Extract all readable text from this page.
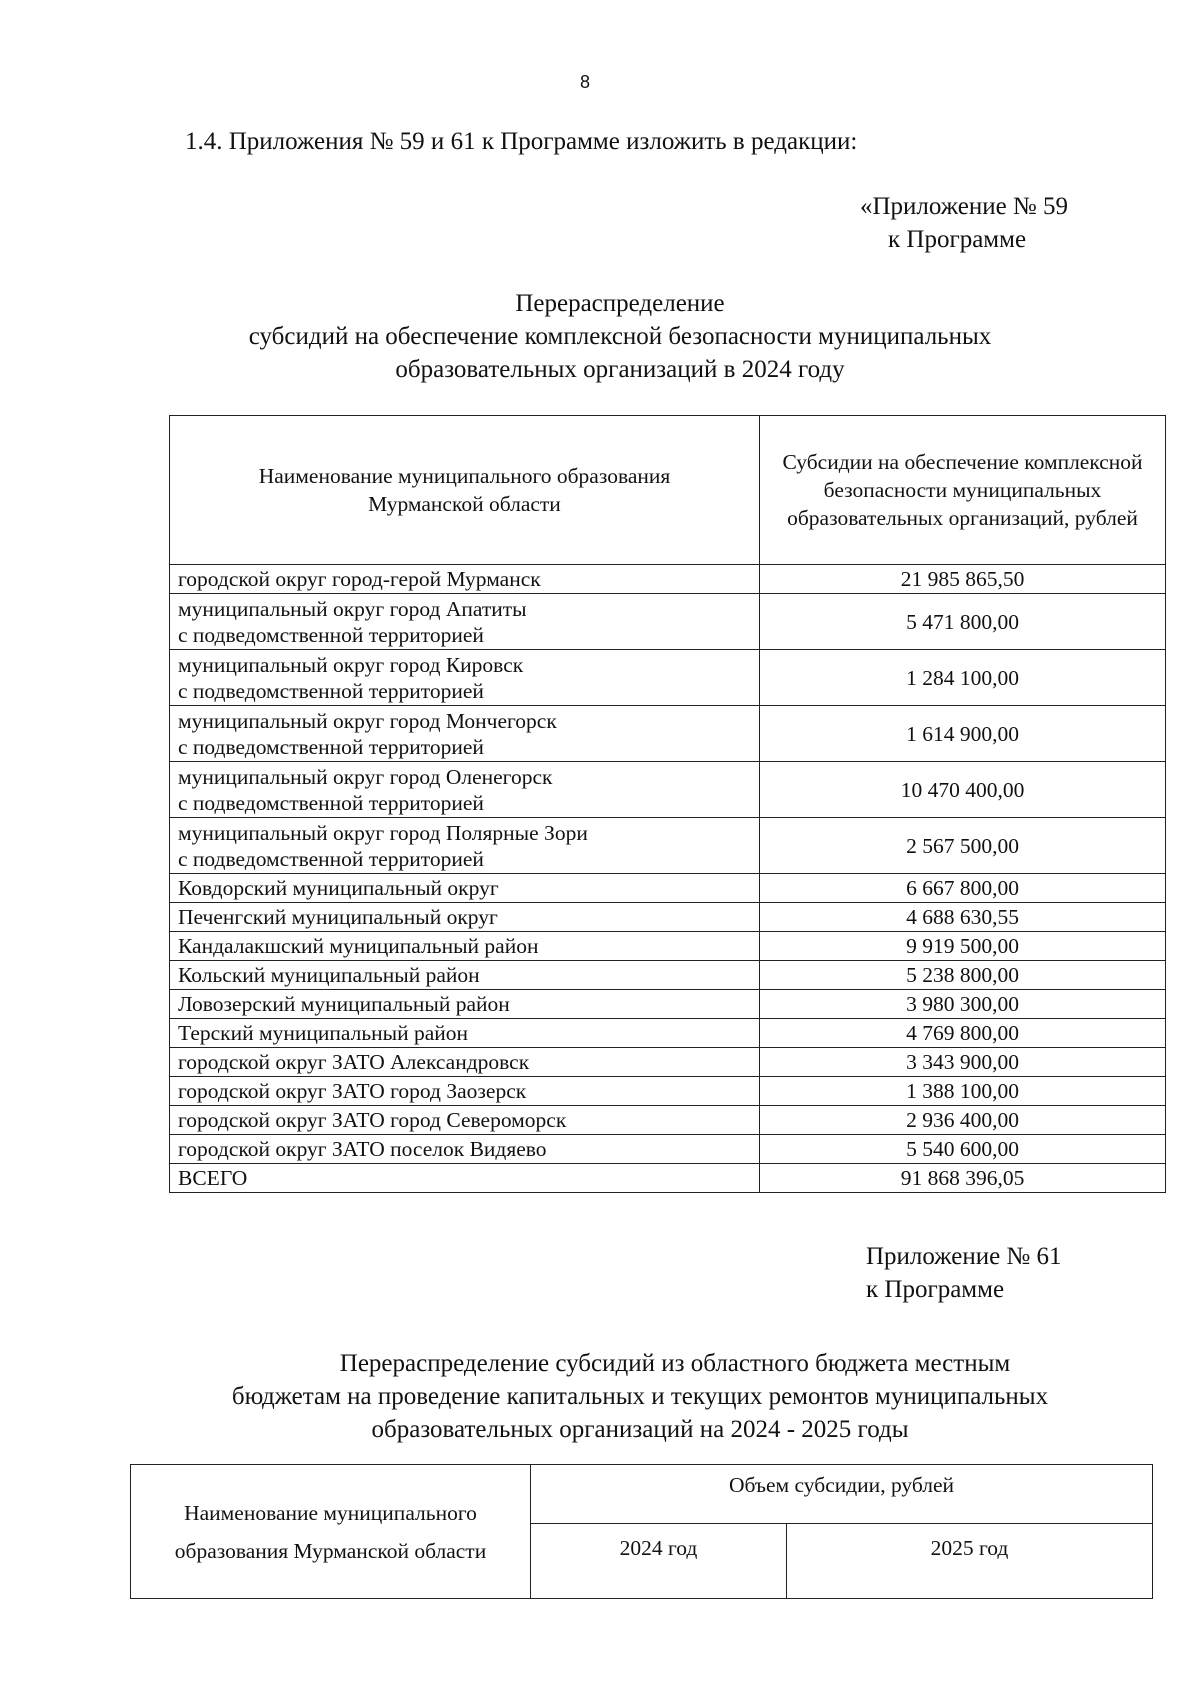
8
1.4. Приложения № 59 и 61 к Программе изложить в редакции:
«Приложение № 59
к Программе
Перераспределение
субсидий на обеспечение комплексной безопасности муниципальных
образовательных организаций в 2024 году
Наименование муниципального образования Мурманской области	Субсидии на обеспечение комплексной безопасности муниципальных образовательных организаций, рублей

городской округ город-герой Мурманск	21 985 865,50

муниципальный округ город Апатиты
с подведомственной территорией	5 471 800,00

муниципальный округ город Кировск
с подведомственной территорией	1 284 100,00

муниципальный округ город Мончегорск
с подведомственной территорией	1 614 900,00

муниципальный округ город Оленегорск
с подведомственной территорией	10 470 400,00

муниципальный округ город Полярные Зори
с подведомственной территорией	2 567 500,00

Ковдорский муниципальный округ	6 667 800,00

Печенгский муниципальный округ	4 688 630,55

Кандалакшский муниципальный район	9 919 500,00

Кольский муниципальный район	5 238 800,00

Ловозерский муниципальный район	3 980 300,00

Терский муниципальный район	4 769 800,00

городской округ ЗАТО Александровск	3 343 900,00

городской округ ЗАТО город Заозерск	1 388 100,00

городской округ ЗАТО город Североморск	2 936 400,00

городской округ ЗАТО поселок Видяево	5 540 600,00

ВСЕГО	91 868 396,05
Приложение № 61
к Программе
Перераспределение субсидий из областного бюджета местным
бюджетам на проведение капитальных и текущих ремонтов муниципальных
образовательных организаций на 2024 - 2025 годы
Наименование муниципального образования Мурманской области	Объем субсидии, рублей	
	2024 год	2025 год
